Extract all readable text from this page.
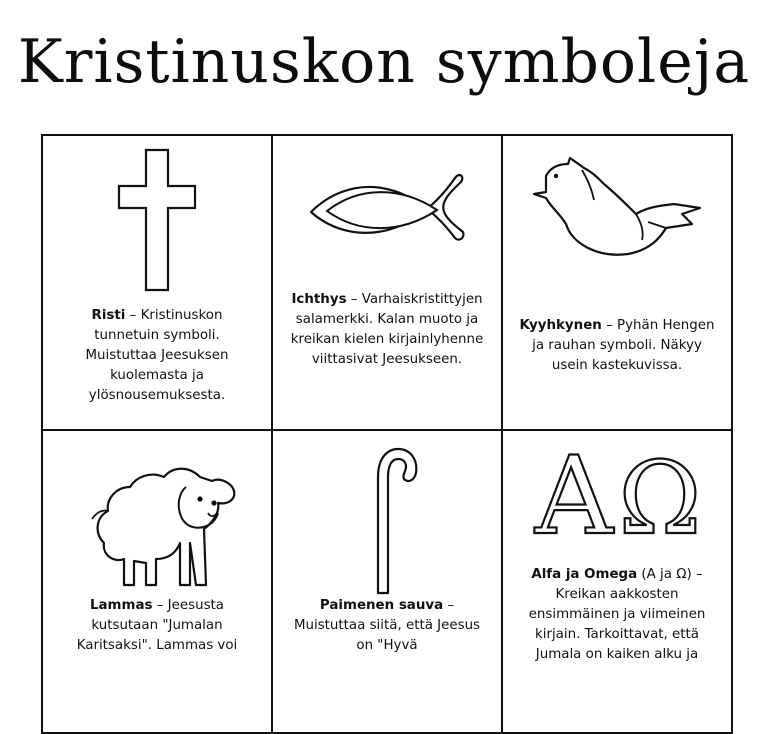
Kristinuskon symboleja
Risti – Kristinuskon tunnetuin symboli. Muistuttaa Jeesuksen kuolemasta ja ylösnousemuksesta.
Ichthys – Varhaiskristittyjen salamerkki. Kalan muoto ja kreikan kielen kirjainlyhenne viittasivat Jeesukseen.
Kyyhkynen – Pyhän Hengen ja rauhan symboli. Näkyy usein kastekuvissa.
Lammas – Jeesusta kutsutaan "Jumalan Karitsaksi". Lammas voi
Paimenen sauva – Muistuttaa siitä, että Jeesus on "Hyvä
A Ω
Alfa ja Omega (A ja Ω) – Kreikan aakkosten ensimmäinen ja viimeinen kirjain. Tarkoittavat, että Jumala on kaiken alku ja
